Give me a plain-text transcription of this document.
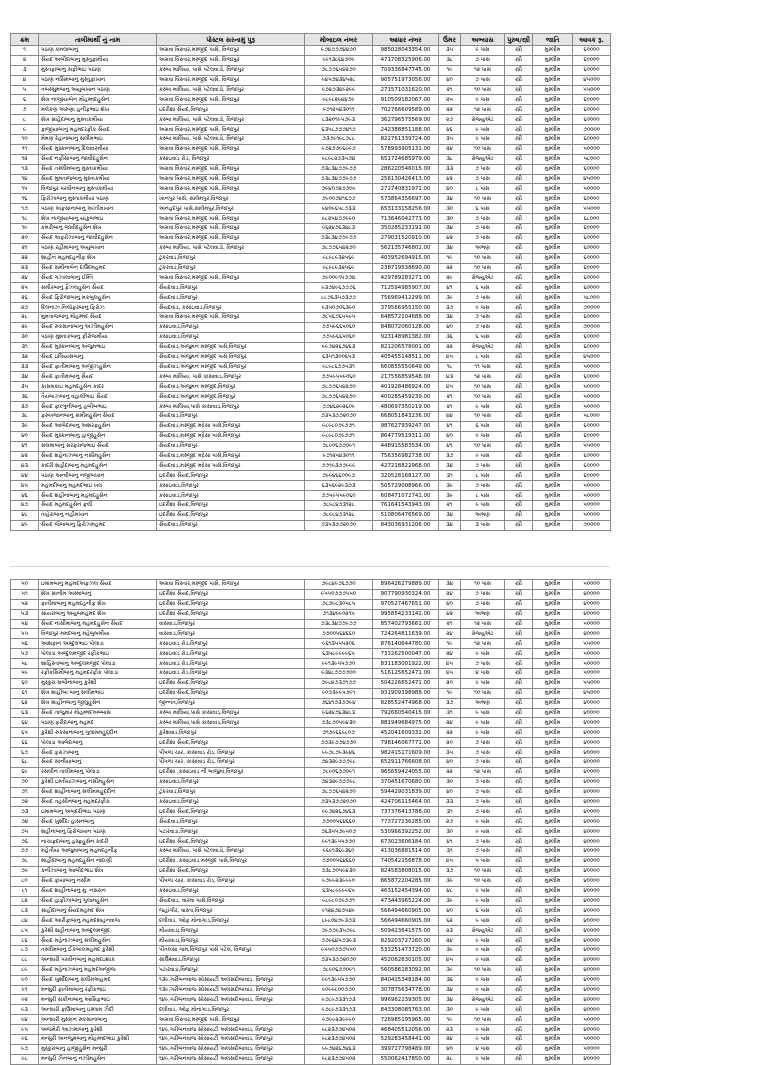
ક્રમ	તાલીમાર્થી નું નામ	પોસ્ટલ સરનામું પુરૂ	મોબાઇલ નંબર	આધાર નંબર	ઉંમર	અભ્યાસ	પુરુષ/સ્ત્રી	જાતિ	આવક રૂ.
૧	પઠાણ કમલાબાનુ	અગ્રવા વિસ્તાર,મસ્જીદ પાસે, વિજાપુર	૯૭૪૭૭૭૪૪૭૦	985028043354.00	૩૫	૯ પાસ	સ્ત્રી	મુસ્લીમ	૬૦૦૦૦
૨	સૈયદ અબીદાબાનુ મુસ્તુફામીયા	અગ્રવા વિસ્તાર,મસ્જીદ પાસે, વિજાપુર	૯૯૧૩૮૬૪૭૦૯	471708325906.00	૩૮	૭ પાસ	સ્ત્રી	મુસ્લીમ	૬૦૦૦૦
૩	મુસ્તફાબાનુ સફીભાઇ પઠાણ	કસ્બા માલિયા, પાસે પટેલવાડો, વિજાપુર	૭૮૭૭૬૫૪૨૭૦	709336847745.00	૧૯	૧૨ પાસ	સ્ત્રી	મુસ્લીમ	૬૦૦૦૦
૪	પઠાણ નસિમબાનુ મુસ્તુફાખાન	અગ્રવા વિસ્તાર,મસ્જીદ પાસે, વિજાપુર	૯૪૫૭૪૩૪૫૨૮	905751973056.00	૪૦	૭ પાસ	સ્ત્રી	મુસ્લીમ	૪૫૦૦૦
૫	તબસ્સુમબાનુ અયુબખાન પઠાણ	કસ્બા માલિયા, પાસે પટેલવાડો, વિજાપુર	૯૭૨૭૩૪૯૨૯૯	271571031620.00	૨૧	૧૦ પાસ	સ્ત્રી	મુસ્લીમ	૫૫૦૦૦
૬	શેખ નાજીયાબેન મોહમ્મદહુસેન	અગ્રવા વિસ્તાર,મસ્જીદ પાસે, વિજાપુર	૯૮૯૮૨૯૪૪૭૯	910509182067.00	૨૫	૯ પાસ	સ્ત્રી	મુસ્લીમ	૬૦૦૦૦
૭	મલેકણ અરુણા હનીફભાઇ શેખ	ઇદરીશા સૈયદ,વિજાપુર	૯૭૧૨૫૪૩૦૧૧	702766609589.00	૨૨	૧૨ પાસ	સ્ત્રી	મુસ્લીમ	૬૦૦૦૦
૮	શેખ સાહેદાબાનુ મુસ્તાકમીયા	કસ્બા માલિયા, પાસે પટેલવાડો, વિજાપુર	૮૩૨૦૧૯૫૭૯૩	362796575569.00	૨૭	ગ્રેજ્યુએટ	સ્ત્રી	મુસ્લીમ	૬૦૦૦૦
૯	ફાજીયાબાનુ મહમદરફીક સૈયદ	અગ્રવા વિસ્તાર,મસ્જીદ પાસે, વિજાપુર	૬૩૫૮૭૭૭૪૧૭	242388851188.00	૪૬	૯ પાસ	સ્ત્રી	મુસ્લીમ	૭૦૦૦૦
૧૦	મેમણ રેહાનાબાનુ સલીમભાઇ	કસ્બા માલિયા, પાસે પટેલવાડો, વિજાપુર	૭૩૭૯૧૯૮૭૮૮	822761339724.00	૩૫	૯ પાસ	સ્ત્રી	મુસ્લીમ	૬૦૦૦૦
૧૧	સૈયદ મુસ્કાનબાનુ દિલાવરમીયા	અગ્રવા વિસ્તાર,મસ્જીદ પાસે, વિજાપુર	૯૭૨૭૭૯૬૯૯૭	578993905131.00	૨૪	૧૦ પાસ	સ્ત્રી	મુસ્લીમ	૫૦૦૦૦
૧૨	સૈયદ નફીસાબાનુ જાવીદહુસેન	કસાઇવાડ રોડ, વિજાપુર	૯૮૯૮૨૭૩૫૭૪	651724685979.00	૩૮	ગ્રેજ્યુએટ	સ્ત્રી	મુસ્લીમ	૫૮૦૦૦
૧૩	સૈયદ તસ્લીમબાનુ મુસ્તાકમીયા	અગ્રવા વિસ્તાર,મસ્જીદ પાસે, વિજાપુર	૭૩૮૩૪૭૭૯૭૭	286220546015.00	૩૩	૭ પાસ	સ્ત્રી	મુસ્લીમ	૬૦૦૦૦
૧૪	સૈયદ મુમતાજબાનુ મુસ્તાકમીયા	અગ્રવા વિસ્તાર,મસ્જીદ પાસે, વિજાપુર	૭૩૮૩૪૭૭૯૭૭	256130426413.00	૪૨	૭ પાસ	સ્ત્રી	મુસ્લીમ	૪૫૦૦૦
૧૫	વિજાપુર પરવીનબાનુ મુસ્તાકમીયા	અગ્રવા વિસ્તાર,મસ્જીદ પાસે, વિજાપુર	૭૯૪૦૭૨૭૭૦૯	272740831971.00	૪૦	૮ પાસ	સ્ત્રી	મુસ્લીમ	૫૦૦૦૦
૧૬	ફિરોઝાબાનુ મુસ્તાકમીયા પઠાણ	ખાનપુર પાસે, સાલેમપુર,વિજાપુર	૭૯૦૦૭૪૧૬૭૭	573864356697.00	૩૪	૧૦ પાસ	સ્ત્રી	મુસ્લીમ	૬૦૦૦૦
૧૭	પઠાણ અફસાનાબાનુ અઝીમખાન	અનહદપુર પાસે,સાલેમપુર,વિજાપુર	૯૪૦૯૬૫૮૭૩૩	653133158256.00	૩૦	૬ પાસ	સ્ત્રી	મુસ્લીમ	૫૫૦૦૦
૧૮	શેખ નાજીયાબાનુ યાકુબભાઇ	અગ્રવા વિસ્તાર,મસ્જીદ પાસે, વિજાપુર	૯૮૨૫૪૭૭૯૯૦	713646042773.00	૩૦	૭ પાસ	સ્ત્રી	મુસ્લીમ	૬૮૦૦૦
૧૯	કમરીબાનુ જાવીદહુસેન શેખ	અગ્રવા વિસ્તાર,મસ્જીદ પાસે, વિજાપુર	૯૬૨૪૭૬૩૪૮૩	350285233191.00	૩૪	૭ પાસ	સ્ત્રી	મુસ્લીમ	૬૦૦૦૦
૨૦	સૈયદ અફરોઝાબાનુ જાવીદહુસેન	અગ્રવા વિસ્તાર,મસ્જીદ પાસે, વિજાપુર	૭૩૮૩૪૭૭૯૭૭	279031520910.00	૪૨	૭ પાસ	સ્ત્રી	મુસ્લીમ	૬૦૦૦૦
૨૧	પઠાણ રહીમાબાનુ અયુબખાન	કસ્બા માલિયા, પાસે પટેલવાડો, વિજાપુર	૭૮૭૭૬૫૪૨૭૦	562135746802.00	૩૪	અભણ	સ્ત્રી	મુસ્લીમ	૬૦૦૦૦
૨૨	શાહીન મહમદહનીફ શેખ	ટુંકરવાડ,વિજાપુર	૯૮૯૮૯૩૨૫૬૯	403952694915.00	૧૯	૧૦ પાસ	સ્ત્રી	મુસ્લીમ	૬૦૦૦૦
૨૩	સૈયદ સમીનાબેન દાઉદમહમદ	ટુંકરવાડ,વિજાપુર	૯૮૯૮૯૩૨૫૬૯	238719538690.00	૨૨	૧૦ પાસ	સ્ત્રી	મુસ્લીમ	૬૦૦૦૦
૨૪	સૈયદ ગઝાલાબાનુ ઈમ્તિ	અગ્રવા વિસ્તાર,મસ્જીદ પાસે, વિજાપુર	૭૯૦૦૯૧૫૭૭૪	429789283271.00	૨૯	ગ્રેજ્યુએટ	સ્ત્રી	મુસ્લીમ	૬૦૦૦૦
૨૫	સમીરબાનુ ફૈઝલહુસેન સૈયદ	સૈયદવાડ,વિજાપુર	૯૩૭૪૯૬૭૭૭૬	712594985907.00	૪૧	૬ પાસ	સ્ત્રી	મુસ્લીમ	૬૦૦૦૦
૨૬	સૈયદ ફિરોજાબાનુ મકબુલહુસેન	સૈયદવાડ,વિજાપુર	૮૮૭૬૩૫૭૩૭૭	756969412299.00	૩૯	૭ પાસ	સ્ત્રી	મુસ્લીમ	૫૮૦૦૦
૨૭	દિલનાઝ નિલોફરબાનુ ફિરોઝ	સૈયદવાડ, કસાઇવાડ,વિજાપુર	૯૩૫૦૭૦૬૩૯૦	379566955150.00	૩૭	૯ પાસ	સ્ત્રી	મુસ્લીમ	૭૦૦૦૦
૨૮	મુમતાજબાનુ મોહમ્મદ સૈયદ	અગ્રવા વિસ્તાર,મસ્જીદ પાસે, વિજાપુર	૭૮૫૬૭૬૫૫૯૫	648572104688.00	૩૪	૭ પાસ	સ્ત્રી	મુસ્લીમ	૬૦૦૦૦
૨૯	સૈયદ રુકસાનાબાનુ અઝીમહુસેન	કસાઇવાડ,વિજાપુર	૭૭૫૯૬૬૫૦૬૦	848072060128.00	૪૦	૭ પાસ	સ્ત્રી	મુસ્લીમ	૭૦૦૦૦
૩૦	પઠાણ મુશ્તાકબાનુ ફીરોજમીયા	કસાઇવાડ,વિજાપુર	૭૭૫૯૬૬૫૦૬૦	923148981382.00	૩૬	૬ પાસ	સ્ત્રી	મુસ્લીમ	૬૦૦૦૦
૩૧	સૈયદ મુસ્કાનબાનુ અંજુમભાઇ	સૈયદવાડ,અંજુમન મસ્જીદ પાસે,વિજાપુર	૯૯૭૪૨૬૭૪૬૩	821206578001.00	૨૨	ગ્રેજ્યુએટ	સ્ત્રી	મુસ્લીમ	૬૦૦૦૦
૩૨	સૈયદ ઇલિયાસબાનુ	સૈયદવાડ,અંજુમન મસ્જીદ પાસે,વિજાપુર	૬૩૫૧૩૦૦૬૫૩	405455148511.00	૪૫	૮ પાસ	સ્ત્રી	મુસ્લીમ	૪૫૦૦૦
૩૩	સૈયદ ફાતીમાબાનુ અજીઝહુસેન	સૈયદવાડ,અંજુમન મસ્જીદ પાસે,વિજાપુર	૯૮૯૮૬૭૭૫૩૧	660855550649.00	૧૮	૧૧ પાસ	સ્ત્રી	મુસ્લીમ	૫૦૦૦૦
૩૪	સૈયદ ફાતીમાબાનુ સૈયદ	કસ્બા માલિયા, પાસે કાસાવાડ,વિજાપુર	૭૭૫૯૫૫૯૦૬૦	217556859548.00	૪૩	૧૨ પાસ	સ્ત્રી	મુસ્લીમ	૬૦૦૦૦
૩૫	કાસમકાઇ મહમદહુસેન કાદર	સૈયદવાડ,અંજુમન મસ્જીદ,વિજાપુર	૭૮૭૭૬૫૪૨૭૦	401928486924.00	૪૫	૧૦ પાસ	સ્ત્રી	મુસ્લીમ	૫૦૦૦૦
૩૬	તૈયબાઝબાનુ વહાલીભાઇ સૈયદ	સૈયદવાડ,અંજુમન મસ્જીદ,વિજાપુર	૭૮૭૭૬૫૪૨૭૦	400285459239.00	૨૧	૧૦ પાસ	સ્ત્રી	મુસ્લીમ	૫૦૦૦૦
૩૭	સૈયદ ફાલ્ગુનીબાનુ હબીબભાઇ	કસ્બા માલિયા,પાસે કાસાવાડ,વિજાપુર	૭૭૪૬૨૯૨૬૦૯	480697350219.00	૨૧	૯ પાસ	સ્ત્રી	મુસ્લીમ	૫૦૦૦૦
૩૮	ફરુખજાનબાનુ સમીમહુસેન સૈયદ	સૈયદવાડ,વિજાપુર	૭૩૫૩૭૭૨૦૭૦	668051843236.00	૪૪	૧૦ પાસ	સ્ત્રી	મુસ્લીમ	૫૮૦૦૦
૩૯	સૈયદ આબેદાબાનુ અશરફહુસેન	સૈયદવાડ,મસ્જીદ મદ્રેસા પાસે,વિજાપુર	૯૮૯૮૦૭૯૭૭૧	987627939247.00	૪૧	૬ પાસ	સ્ત્રી	મુસ્લીમ	૬૦૦૦૦
૪૦	સૈયદ મુસ્કાનબાનુ હાજીહુસેન	સૈયદવાડ,મસ્જીદ મદ્રેસા પાસે,વિજાપુર	૯૮૯૮૦૭૯૭૭૧	864779519311.00	૪૦	૯ પાસ	સ્ત્રી	મુસ્લીમ	૬૦૦૦૦
૪૧	સલમાબાનુ સરફરાજભાઇ સૈયદ	સૈયદવાડ,વિજાપુર	૭૮૯૦૬૭૭૦૯૧	448915583534.00	૪૧	૧૦ પાસ	સ્ત્રી	મુસ્લીમ	૫૫૦૦૦
૪૨	સૈયદ શહેનાઝબાનુ નસીમહુસેન	સૈયદવાડ,મસ્જીદ મદ્રેસા પાસે,વિજાપુર	૯૭૧૨૫૪૩૦૧૧	756356982738.00	૩૭	૯ પાસ	સ્ત્રી	મુસ્લીમ	૬૦૦૦૦
૪૩	કાદરી શહીદાબાનુ મહમદહુસેન	સૈયદવાડ,મસ્જીદ મદ્રેસા પાસે,વિજાપુર	૭૭૧૯૩૭૭૯૯૯	427218822968.00	૩૪	૭ પાસ	સ્ત્રી	મુસ્લીમ	૬૦૦૦૦
૪૪	પઠાણ અન્વીબાનુ નજીબખાન	ઇદરીશા સૈયદ,વિજાપુર	૭૯૯૪૬૬૦૦૯૭	320528168127.00	૩૧	૮ પાસ	સ્ત્રી	મુસ્લીમ	૬૦૦૦૦
૪૫	મહમદીબાનુ મહમદભાઇ ખલ	કસાઇવાડ,વિજાપુર	૬૩૫૬૯૨૯૩૭૩	505729008966.00	૩૯	૭ પાસ	સ્ત્રી	મુસ્લીમ	૫૦૦૦૦
૪૬	સૈયદ શહીનાબાનુ મહમદહુસેન	કસાઇવાડ,વિજાપુર	૭૭૫૯૫૫૯૦૬૦	608471072741.00	૩૯	૮ પાસ	સ્ત્રી	મુસ્લીમ	૫૦૦૦૦
૪૭	સૈયદ મહમદહુસેન ફલી	ઇદરીશા સૈયદ,વિજાપુર	૭૮૯૮૪૭૩૧૨૮	761641543943.00	૨૧	૯ પાસ	સ્ત્રી	મુસ્લીમ	૫૦૦૦૦
૪૮	તાહેરાબાનુ નહીમખાન	ઇદરીશા સૈયદ,વિજાપુર	૭૮૯૮૪૭૩૧૨૮	510806476569.00	૩૪	અભણ	સ્ત્રી	મુસ્લીમ	૫૦૦૦૦
૪૯	સૈયદ જૈબાબાનુ ફિરોઝમહમદ	સૈયદવાડ,વિજાપુર	૭૩૫૩૭૭૨૦૭૦	843036931206.00	૩૪	૩ પાસ	સ્ત્રી	મુસ્લીમ	૭૦૦૦૦
૫૦	ઇમામબાનુ મહમદઅફઝલ સૈયદ	અગ્રવા વિસ્તાર,મસ્જીદ પાસે, વિજાપુર	૭૯૮૪૯૭૬૭૭૦	896426279889.00	૩૪	૧૦ પાસ	સ્ત્રી	મુસ્લીમ	૫૦૦૦૦
૫૧	શેખ સાનીમ અસ્માબાનુ	ઇદરીશા સૈયદ,વિજાપુર	૯૫૫૦૭૭૭૫૫૦	907790930324.00	૨૪	૭ પાસ	સ્ત્રી	મુસ્લીમ	૪૦૦૦૦
૫૨	ફાતીમાબાનુ મહમદહનીફ શેખ	ઇદરીશા સૈયદ,વિજાપુર	૭૮૭૯૮૩૦૫૮૫	970527467651.00	૪૦	૭ પાસ	સ્ત્રી	મુસ્લીમ	૪૦૦૦૦
૫૩	સાયરાબાનુ અયુબમહમદ શેખ	ઇદરીશા સૈયદ,વિજાપુર	૭૧૩૪૯૯૦૨૧૫	995854233142.00	૪૨	અભણ	સ્ત્રી	મુસ્લીમ	૪૦૦૦૦
૫૪	સૈયદ નાસીમાબાનુ મહમદહુસેન સૈયદ	વાસવાડ,વિજાપુર	૭૩૮૩૪૭૭૯૭૭	857402793661.00	૨૧	૧૨ પાસ	સ્ત્રી	મુસ્લીમ	૫૦૦૦૦
૫૫	વિજાપુર મમદબાનુ મહેબુબમીયા	વાસવાડ,વિજાપુર	૭૭૦૦૫૬૪૬૬૦	724264811639.00	૨૪	ગ્રેજ્યુએટ	સ્ત્રી	મુસ્લીમ	૪૦૦૦૦
૫૬	આશફાન અબ્દુલભાઇ પોલાડા	કસાઇવાડ રોડ,વિજાપુર	૯૬૧૩૫૫૫૨૦૬	876140644780.00	૧૯	૧૨ પાસ	સ્ત્રી	મુસ્લીમ	૫૫૦૦૦
૫૭	પોલાડા અબ્દુલમજીદ રફીકભાઇ	કસાઇવાડ રોડ,વિજાપુર	૬૩૫૮૯૯૯૯૬૫	733262500047.00	૨૪	૯ પાસ	સ્ત્રી	મુસ્લીમ	૫૦૦૦૦
૫૮	શાહિસ્તાબાનુ અબ્દુલમજીદ પોલાડા	કસાઇવાડ રોડ,વિજાપુર	૯૯૧૩૯૫૫૭૭૦	831183001922.00	૪૫	૭ પાસ	સ્ત્રી	મુસ્લીમ	૫૦૦૦૦
૫૯	રફીકસિમીબાનુ મહમદરફીક પોલાડા	કસાઇવાડ રોડ,વિજાપુર	૯૩૪૮૭૭૭૭૦૦	516125652471.00	૪૫	૪ પાસ	સ્ત્રી	મુસ્લીમ	૫૦૦૦૦
૬૦	મુસ્કુરા સબીનાબાનુ કુરેશી	ઇદરીશા સૈયદ,વિજાપુર	૭૯૮૪૭૩૭૧૭૭	504226652471.00	૨૦	૯ પાસ	સ્ત્રી	મુસ્લીમ	૫૫૦૦૦
૬૧	શેખ શાહીબા બાનુ સલીમભાઇ	ઇદરીશા સૈયદ,વિજાપુર	૯૦૭૩૯૯૫૭૯૧	931909398988.00	૧૯	૧૦ પાસ	સ્ત્રી	મુસ્લીમ	૪૫૦૦૦
૬૨	શેખ શાહીનબાનુ જીલુહુસેન	જીન્નત,વિજાપુર	૭૬૪૧૭૩૭૭૯૪	828552474968.00	૩૭	અભણ	સ્ત્રી	મુસ્લીમ	૪૦૦૦૦
૬૩	સૈયદ તાજુમાર મોહમ્મદઅબ્બાસ	કસ્બા માલિયા,પાસે કાસાવાડ,વિજાપુર	૯૬૨૪૭૬૩૪૮૩	792660540415.00	૩૧	૯ પાસ	સ્ત્રી	મુસ્લીમ	૪૦૦૦૦
૬૪	પઠાણ ફરીદાબાનુ મહમદ	કસ્બા માલિયા,પાસે કાસાવાડ,વિજાપુર	૭૩૮૭૦૫૯૪૩૦	881949684975.00	૨૪	૯ પાસ	સ્ત્રી	મુસ્લીમ	૪૦૦૦૦
૬૫	કુરેશી રુકસાનાબાનુ ગુલામમહુદ્દીન	કુરેશવાડ,વિજાપુર	૭૧૭૯૬૬૯૮૦૭	452041609331.00	૨૨	૯ પાસ	સ્ત્રી	મુસ્લીમ	૪૦૦૦૦
૬૬	પોલાડા આબેદાબાનુ	ઇદરીશા સૈયદ,વિજાપુર	૭૭૩૯૭૭૪૭૭૦	798146067771.00	૨૦	૭ પાસ	સ્ત્રી	મુસ્લીમ	૪૦૦૦૦
૬૭	સૈયદ ફરાઝાબાનુ	પીપળા ચાર, કાસાવાડ રોડ, વિજાપુર	૯૯૭૮૭૯૩૯૪૬	982415171609.00	૩૫	૭ પાસ	સ્ત્રી	મુસ્લીમ	૪૦૦૦૦
૬૮	સૈયદ સાનીયાબાનુ	પીપળા ચાર, કાસાવાડ રોડ, વિજાપુર	૭૪૩૨૯૭૭૭૯૮	652911766608.00	૪૦	૭ પાસ	સ્ત્રી	મુસ્લીમ	૪૦૦૦૦
૬૯	રસલીન તાલીમબાનુ પોલાડા	ઇદરીશા ,કસાઇવાડ ની બાજુમાં,વિજાપુર	૭૮૯૦૬૭૭૦૯૧	965659424055.00	૨૨	૧૨ પાસ	સ્ત્રી	મુસ્લીમ	૪૦૦૦૦
૭૦	કુરેશી ઇમ્તીયાઝબાનુ નસીમહુસેન	કસાઇવાડ,વિજાપુર	૭૪૩૨૯૭૭૭૯૮	370451670680.00	૩૦	૭ પાસ	સ્ત્રી	મુસ્લીમ	૪૦૦૦૦
૭૧	સૈયદ શાહીનાબાનુ સલીમમહુદ્દીન	ટુંકરવાડ,વિજાપુર	૭૮૭૭૬૫૪૨૭૦	594429031839.00	૪૦	૭ પાસ	સ્ત્રી	મુસ્લીમ	૪૦૦૦૦
૭૨	સૈયદ તહસીનબાનુ મહમદરફીક	કસાઇવાડ,વિજાપુર	૭૩૫૩૭૭૨૦૭૦	424706115464.00	૩૩	૭ પાસ	સ્ત્રી	મુસ્લીમ	૪૦૦૦૦
૭૩	ઇમામબાનુ અબદરીભાઇ પઠાણ	ઇદરીશા સૈયદ,વિજાપુર	૯૯૭૪૨૬૭૪૬૩	737376413788.00	૩૧	૭ પાસ	સ્ત્રી	મુસ્લીમ	૪૦૦૦૦
૭૪	સૈયદ ખુર્શીદા હાસનબાનુ	સૈયદવાડ,વિજાપુર	૭૭૦૦૫૬૪૬૬૦	773727236285.00	૨૭	૯ પાસ	સ્ત્રી	મુસ્લીમ	૪૦૦૦૦
૭૫	શહીનાબાનુ ફિરોજખાન પઠાણ	પટારવાડા,વિજાપુર	૭૬૩૫૫૭૯૫૦૭	530966392252.00	૩૦	૯ પાસ	સ્ત્રી	મુસ્લીમ	૪૦૦૦૦
૭૬	નાચાફ્રદાબાનુ હસ્ફ્રહુસેન કાદરી	ઇદરીશા સૈયદ,વિજાપુર	૯૯૧૩૯૫૫૭૭૦	673023606184.00	૪૧	૭ પાસ	સ્ત્રી	મુસ્લીમ	૪૦૦૦૦
૭૭	મહેતીયા આજુમાબાનુ મહમદહનીફ	કસ્બા માલિયા, પાસે પટેલવાડો, વિજાપુર	૯૬૯૧૩૬૯૩૬૦	413036881514.00	૩૧	૭ પાસ	સ્ત્રી	મુસ્લીમ	૪૦૦૦૦
૭૮	શાહીદાબાનુ મહમદહુસેન નાદાણી	ઇદરીશા ,કસાઇવાડ મસ્જીદ પાસે,વિજાપુર	૭૭૦૦૫૬૪૬૬૦	740542156878.00	૪૫	૫ પાસ	સ્ત્રી	મુસ્લીમ	૪૦૦૦૦
૭૯	કનીઝાબાનુ આબીદભાઇ શેખ	ઇદરીશા સૈયદ,વિજાપુર	૭૩૮૭૦૫૯૪૩૦	824583808015.00	૩૭	૧૦ પાસ	સ્ત્રી	મુસ્લીમ	૪૦૦૦૦
૮૦	સૈયદ ફાયાબાનુ નસીમ	પીપળા ચાર, કાસાવાડ રોડ, વિજાપુર	૯૭૯૯૨૩૯૯૯૦	865872204285.00	૩૯	૧૦ પાસ	સ્ત્રી	મુસ્લીમ	૪૦૦૦૦
૮૧	સૈયદ શાહીનાબાનુ મુ. નસરાન	કસાઇવાડ,વિજાપુર	૬૩૫૮૯૯૯૯૬૫	463152454394.00	૪૮	૯ પાસ	સ્ત્રી	મુસ્લીમ	૪૦૦૦૦
૮૨	સૈયદ હાફીઝાબાનુ ગુલામહુસેન	સૈયદવાડ, વારમાં પાસે,વિજાપુર	૯૮૯૮૦૭૯૭૭૧	473443965224.00	૩૯	૯ પાસ	સ્ત્રી	મુસ્લીમ	૪૦૦૦૦
૮૩	સાહીદાબાનુ સૈયદમહમદ શેખ	જહાંગીર, વાસ્તા,વિજાપુર	૯૧૨૪૭૪૭૫૪૯	566494660905.00	૪૦	૬ પાસ	સ્ત્રી	મુસ્લીમ	૪૦૦૦૦
૮૪	સૈયદ આરીફાબાનુ મહમદશાહનવાજ	દલીવાડ, ઓફ મોનાગાડ,વિજાપુર	૮૯૮૦૪૭૯૩૭૩	566494660905.00	૬૨	૯ પાસ	સ્ત્રી	મુસ્લીમ	૪૦૦૦૦
૮૫	કુરેશી શહીનાબાનુ અબ્દુલમજીદ	મીયાંવાડા,વિજાપુર	૭૯૭૭૯૩૫૭૯૮	509423641575.00	૨૩	ગ્રેજ્યુએટ	સ્ત્રી	મુસ્લીમ	૪૦૦૦૦
૮૬	સૈયદ મહેનાઝબાનુ સલીમહુસેન	મીયાંવાડા,વિજાપુર	૭૭૯૬૪૫૭૩૯૩	829203727260.00	૨૪	૯ પાસ	સ્ત્રી	મુસ્લીમ	૪૦૦૦૦
૮૭	તસ્લીમબાનુ ઈકબાલમહમદ કુરેશી	પીતલસા ગામ,વિજાપુર પાસે પટેલ, વિજાપુર	૯૫૫૦૭૭૭૫૫૦	533251473720.00	૩૯	૯ પાસ	સ્ત્રી	મુસ્લીમ	૪૦૦૦૦
૮૮	અન્સારી પરવીનબાનુ મહમદઇશાક	સાઉથવાડ,વિજાપુર	૭૩૫૩૭૭૨૦૭૦	452062630105.00	૪૫	૯ પાસ	સ્ત્રી	મુસ્લીમ	૪૦૦૦૦
૮૯	સૈયદ મહેનાઝબાનુ મહમદઅજીજ	પટારવાડા,વિજાપુર	૭૮૯૦૬૭૭૦૯૧	560586183092.00	૩૯	૧૦ પાસ	સ્ત્રી	મુસ્લીમ	૪૦૦૦૦
૯૦	સૈયદ ખુર્શીદાબાનુ સલીમઅહમદ	૧૩૯,ગરીબનવાજ સોસાયટી અલસદોબાવાડ, વિજાપુર	૯૯૧૩૯૫૫૭૭૦	840425348184.00	૩૬	૯ પાસ	સ્ત્રી	મુસ્લીમ	૪૦૦૦૦
૯૧	મન્સુરી ફાતીમાબાનુ રફીકભાઇ	૧૩૯,ગરીબનવાજ સોસાયટી અલસદોબાવાડ, વિજાપુર	૯૦૯૯૮૦૦૭૭૦	307875634778.00	૩૪	૯ પાસ	સ્ત્રી	મુસ્લીમ	૪૦૦૦૦
૯૨	મન્સુરી સકીનાબાનુ આસિફભાઇ	૧૪૯,ગરીબનવાજ સોસાયટી અલસદોબાવાડ, વિજાપુર	૯૭૮૯૭૩૩૧૭૩	996962239305.00	૩૪	ગ્રેજ્યુએટ	સ્ત્રી	મુસ્લીમ	૪૦૦૦૦
૯૩	અન્સારી ફાઉમાબાનુ ઇસ્લામ ઝૈદી	દલીવાડ, ઓફ મોનાગાડ,વિજાપુર	૯૭૮૯૭૩૩૧૭૩	843308085763.00	૩૦	૯ પાસ	સ્ત્રી	મુસ્લીમ	૪૦૦૦૦
૯૪	અન્સારી મુસ્કાન રુકસાનાબાનુ	અગ્રવા વિસ્તાર,મસ્જીદ પાસે, વિજાપુર	૯૭૯૯૨૩૯૯૯૦	726985195965.00	૧૯	૧૦ પાસ	સ્ત્રી	મુસ્લીમ	૫૦૦૦૦
૯૫	અજમેરી આઝમાબાનુ કુરેશી	૧૪૯,ગરીબનવાજ સોસાયટી અલસદોબાવાડ, વિજાપુર	૯૮૨૩૭૭૪૫૦૨	468405512056.00	૨૩	૯ પાસ	સ્ત્રી	મુસ્લીમ	૪૦૦૦૦
૯૬	મન્સુરી અનજુમબાનુ મોહમ્મદભાઇ કુરેશી	૧૪૯,ગરીબનવાજ સોસાયટી અલસદોબાવાડ, વિજાપુર	૯૮૨૩૭૭૪૫૦૨	529283458441.00	૨૪	૯ પાસ	સ્ત્રી	મુસ્લીમ	૫૦૦૦૦
૯૭	મુસ્કુરાબાનુ હાજીહુસેન મન્સુરી	૧૪૯,ગરીબનવાજ સોસાયટી અલસદોબાવાડ, વિજાપુર	૯૯૭૪૨૬૭૪૬૩	399717798489.00	૪૦	૪ પાસ	સ્ત્રી	મુસ્લીમ	૫૦૦૦૦
૯૮	મન્સુરી ઝૈનબાનુ નઝીમહુસેન	૧૪૯,ગરીબનવાજ સોસાયટી અલસદોબાવાડ, વિજાપુર	૯૮૨૩૭૭૪૫૦૨	550062417850.00	૨૮	૯ પાસ	સ્ત્રી	મુસ્લીમ	૪૦૦૦૦
